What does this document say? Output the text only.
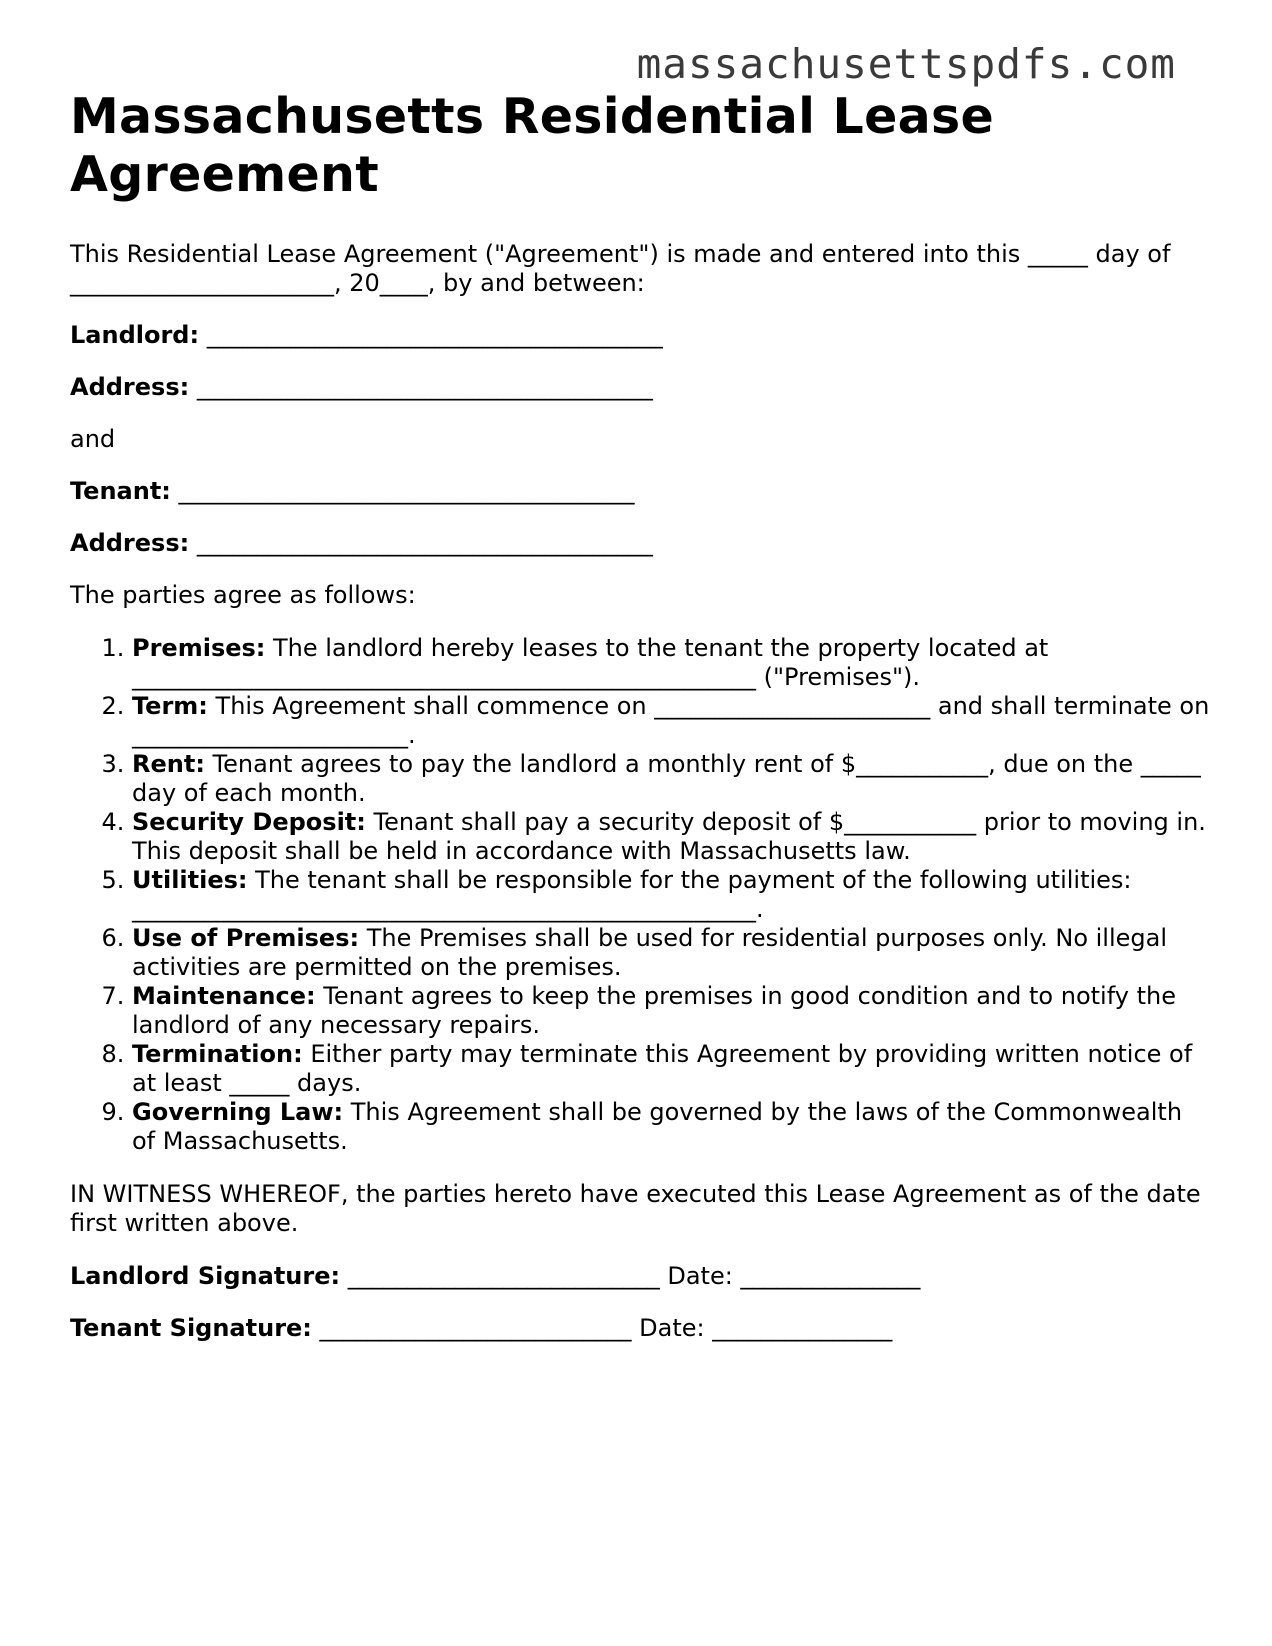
massachusettspdfs.com
Massachusetts Residential Lease Agreement

This Residential Lease Agreement ("Agreement") is made and entered into this _____ day of ______________________, 20____, by and between:

Landlord: ______________________________________

Address: ______________________________________

and

Tenant: ______________________________________

Address: ______________________________________

The parties agree as follows:

1. Premises: The landlord hereby leases to the tenant the property located at ____________________________________________________ ("Premises").
2. Term: This Agreement shall commence on _______________________ and shall terminate on _______________________.
3. Rent: Tenant agrees to pay the landlord a monthly rent of $___________, due on the _____ day of each month.
4. Security Deposit: Tenant shall pay a security deposit of $___________ prior to moving in. This deposit shall be held in accordance with Massachusetts law.
5. Utilities: The tenant shall be responsible for the payment of the following utilities: ____________________________________________________.
6. Use of Premises: The Premises shall be used for residential purposes only. No illegal activities are permitted on the premises.
7. Maintenance: Tenant agrees to keep the premises in good condition and to notify the landlord of any necessary repairs.
8. Termination: Either party may terminate this Agreement by providing written notice of at least _____ days.
9. Governing Law: This Agreement shall be governed by the laws of the Commonwealth of Massachusetts.

IN WITNESS WHEREOF, the parties hereto have executed this Lease Agreement as of the date first written above.

Landlord Signature: __________________________ Date: _______________

Tenant Signature: __________________________ Date: _______________
